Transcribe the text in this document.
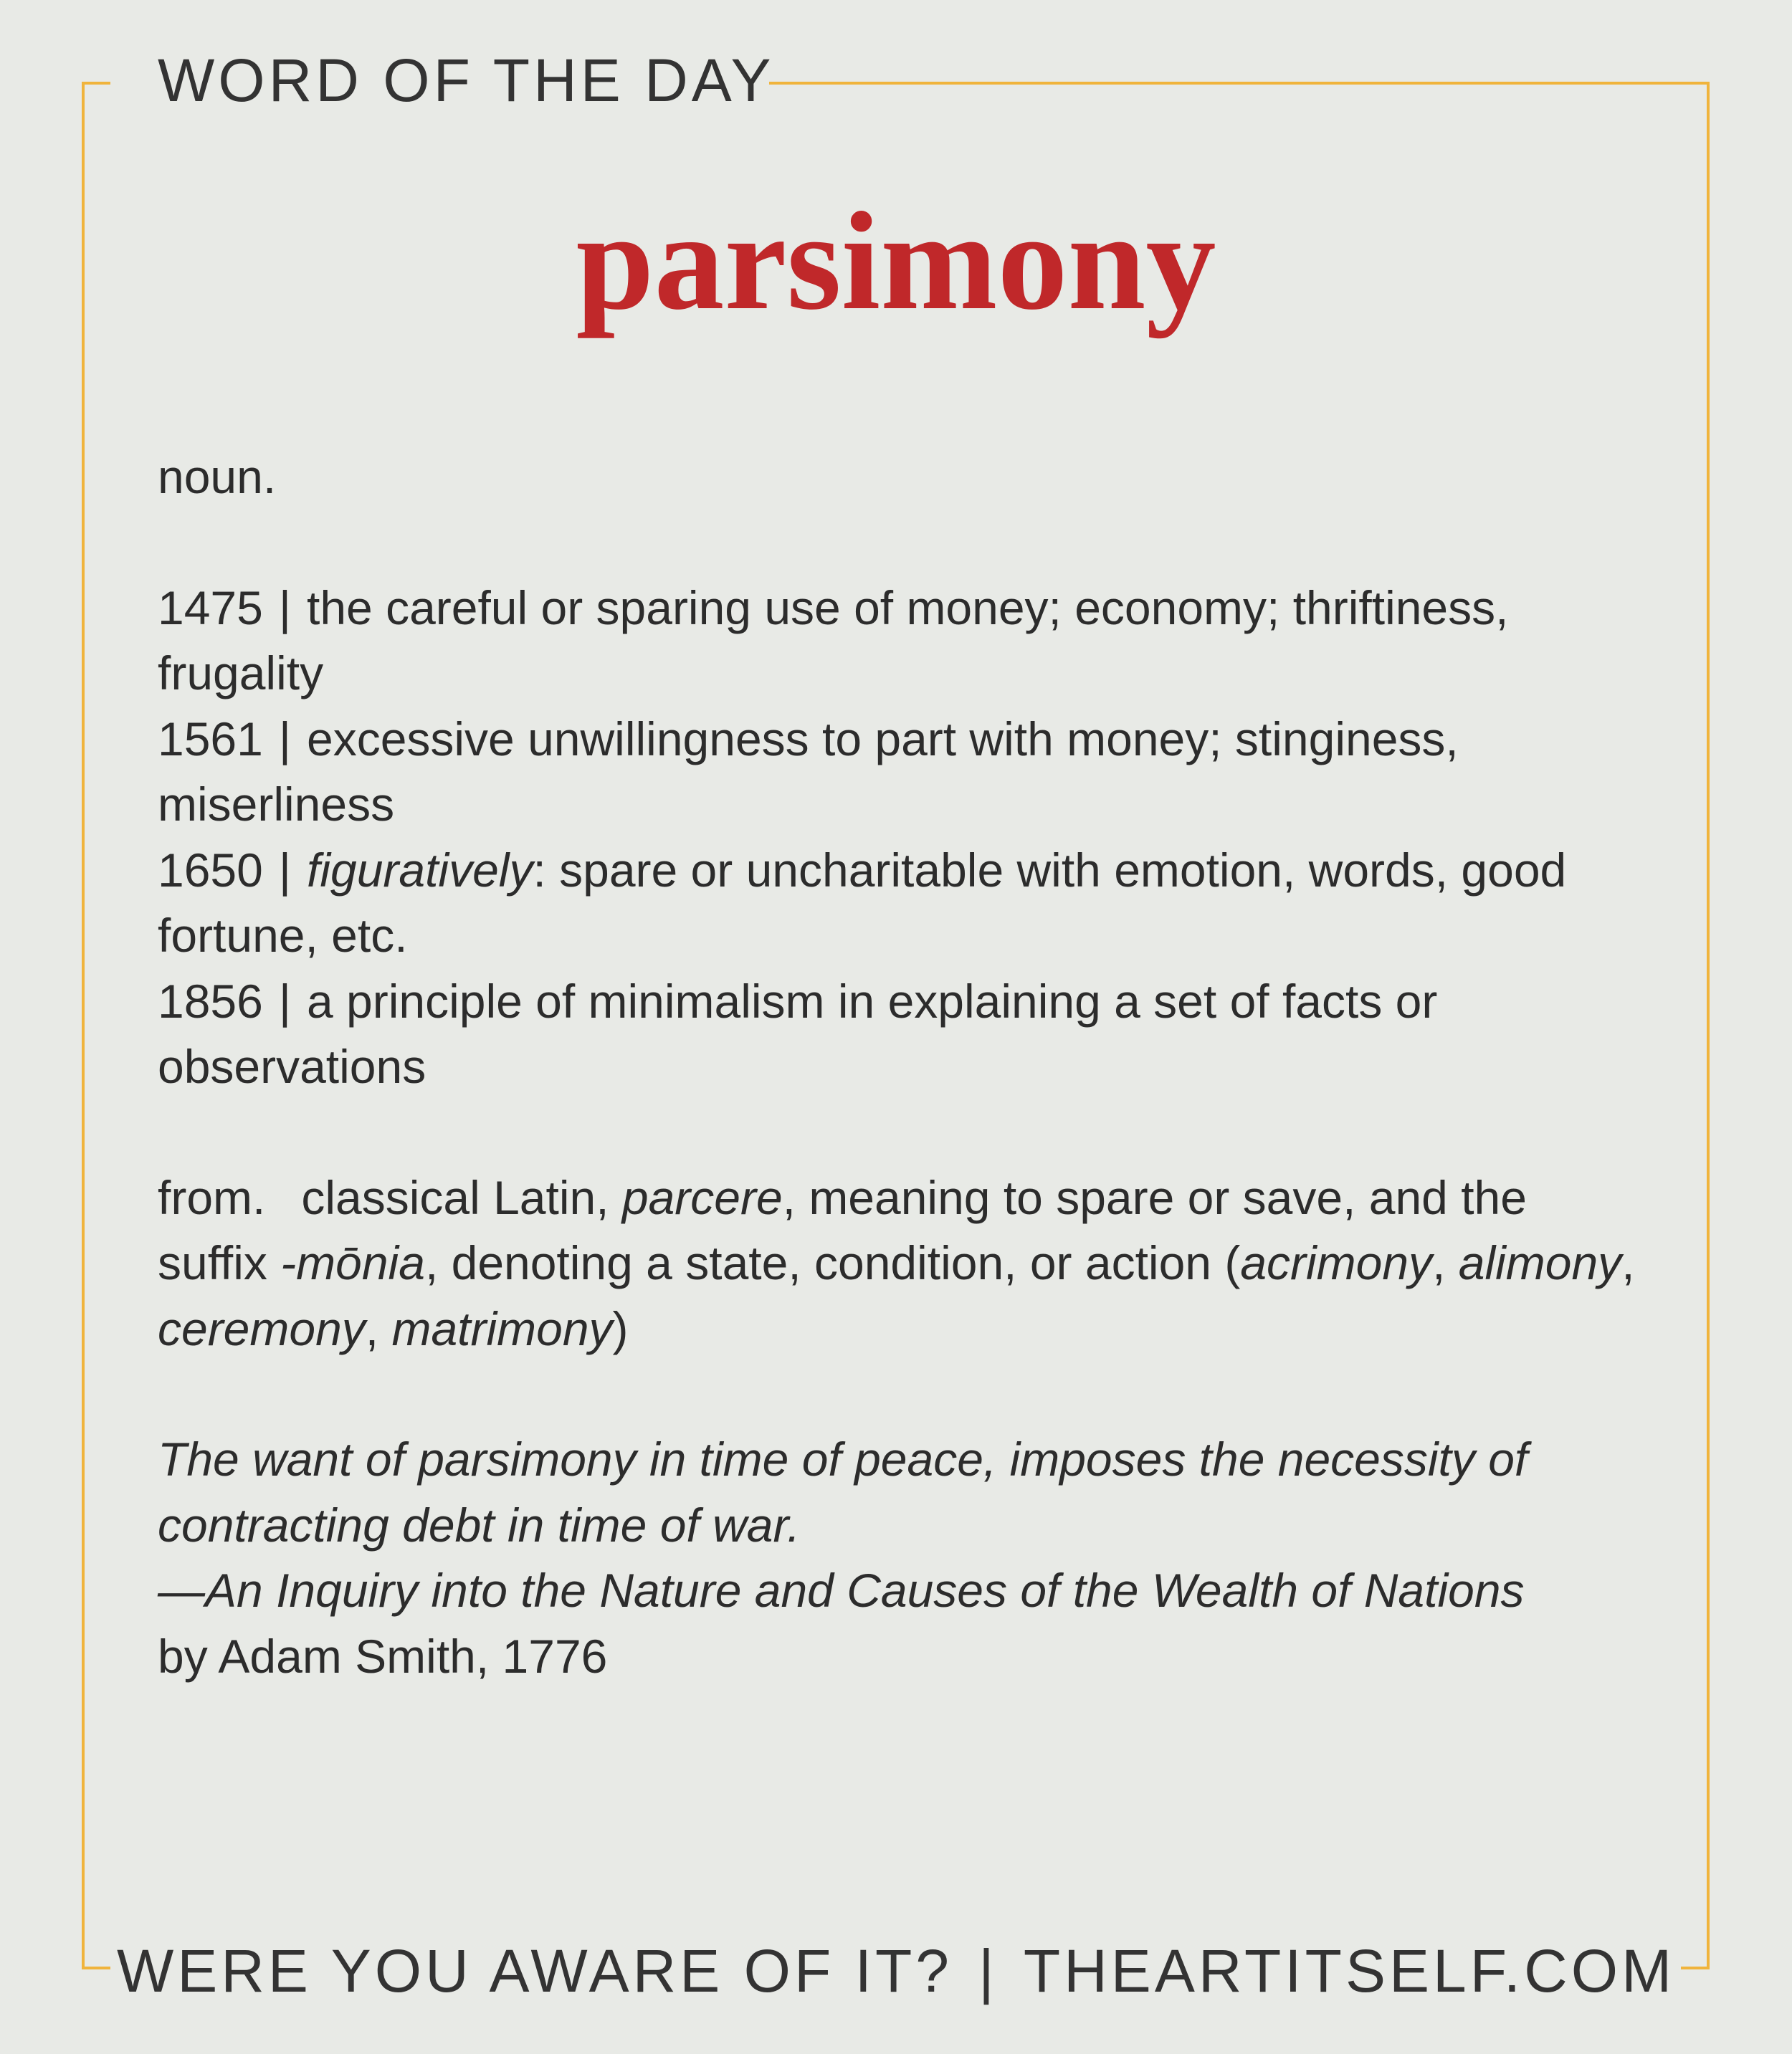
WORD OF THE DAY
parsimony

noun.

1475 | the careful or sparing use of money; economy; thriftiness, frugality

1561 | excessive unwillingness to part with money; stinginess, miserliness

1650 | figuratively: spare or uncharitable with emotion, words, good fortune, etc.

1856 | a principle of minimalism in explaining a set of facts or observations

from. classical Latin, parcere, meaning to spare or save, and the suffix -mōnia, denoting a state, condition, or action (acrimony, alimony, ceremony, matrimony)

The want of parsimony in time of peace, imposes the necessity of contracting debt in time of war.

—An Inquiry into the Nature and Causes of the Wealth of Nations

by Adam Smith, 1776

WERE YOU AWARE OF IT? | THEARTITSELF.COM
